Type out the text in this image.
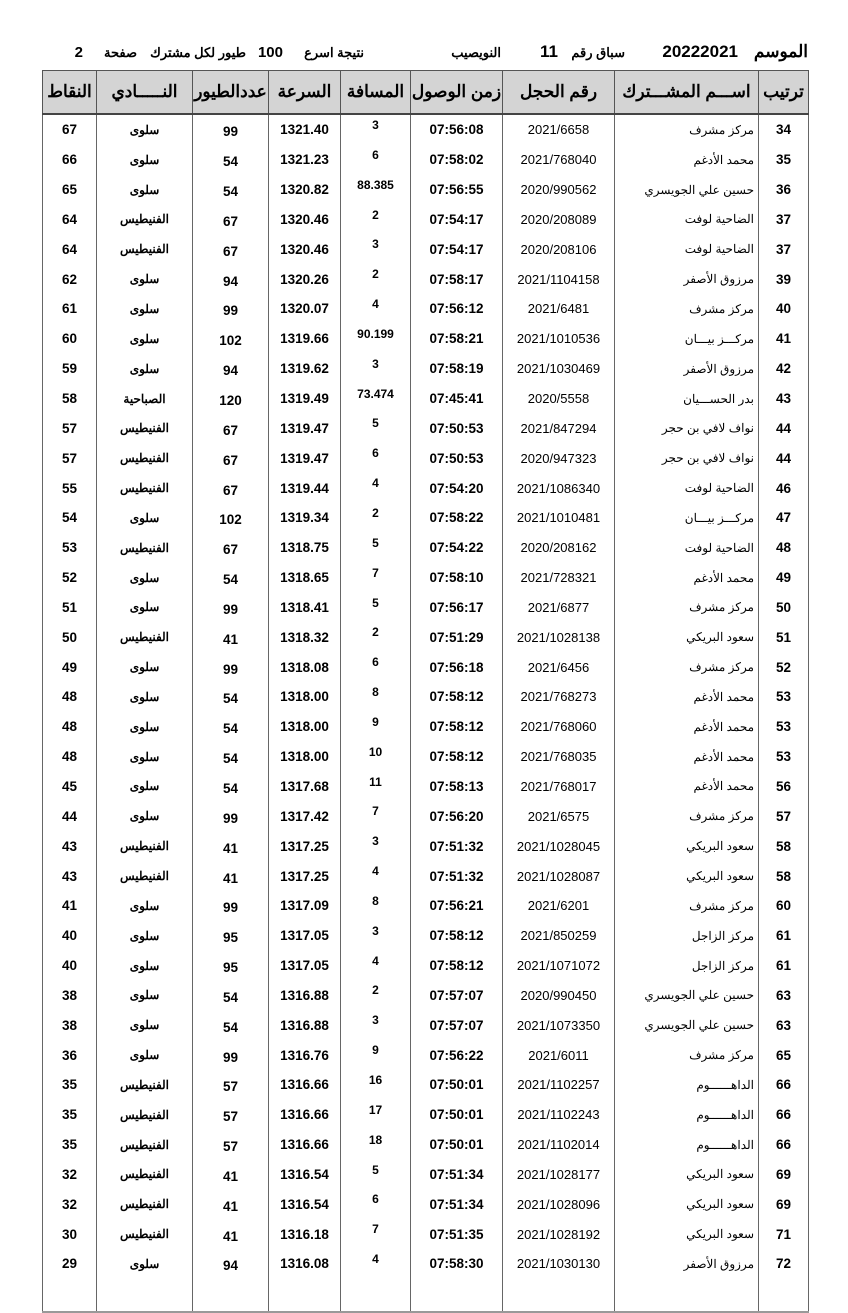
الموسم
20222021
سباق رقم
11
النويصيب
نتيجة اسرع
100
طيور لكل مشترك
صفحة
2
ترتيب	اســـم المشـــترك	رقم الحجل	زمن الوصول	المسافة	السرعة	عددالطيور	النـــــادي	النقاط
34	مركز مشرف	2021/6658	07:56:08	3	1321.40	99	سلوى	67
35	محمد الأدغم	2021/768040	07:58:02	6	1321.23	54	سلوى	66
36	حسين علي الجويسري	2020/990562	07:56:55	88.385	1320.82	54	سلوى	65
37	الضاحية لوفت	2020/208089	07:54:17	2	1320.46	67	الفنيطيس	64
37	الضاحية لوفت	2020/208106	07:54:17	3	1320.46	67	الفنيطيس	64
39	مرزوق الأصفر	2021/1104158	07:58:17	2	1320.26	94	سلوى	62
40	مركز مشرف	2021/6481	07:56:12	4	1320.07	99	سلوى	61
41	مركـــز بيـــان	2021/1010536	07:58:21	90.199	1319.66	102	سلوى	60
42	مرزوق الأصفر	2021/1030469	07:58:19	3	1319.62	94	سلوى	59
43	بدر الحســـيان	2020/5558	07:45:41	73.474	1319.49	120	الصباحية	58
44	نواف لافي بن حجر	2021/847294	07:50:53	5	1319.47	67	الفنيطيس	57
44	نواف لافي بن حجر	2020/947323	07:50:53	6	1319.47	67	الفنيطيس	57
46	الضاحية لوفت	2021/1086340	07:54:20	4	1319.44	67	الفنيطيس	55
47	مركـــز بيـــان	2021/1010481	07:58:22	2	1319.34	102	سلوى	54
48	الضاحية لوفت	2020/208162	07:54:22	5	1318.75	67	الفنيطيس	53
49	محمد الأدغم	2021/728321	07:58:10	7	1318.65	54	سلوى	52
50	مركز مشرف	2021/6877	07:56:17	5	1318.41	99	سلوى	51
51	سعود البريكي	2021/1028138	07:51:29	2	1318.32	41	الفنيطيس	50
52	مركز مشرف	2021/6456	07:56:18	6	1318.08	99	سلوى	49
53	محمد الأدغم	2021/768273	07:58:12	8	1318.00	54	سلوى	48
53	محمد الأدغم	2021/768060	07:58:12	9	1318.00	54	سلوى	48
53	محمد الأدغم	2021/768035	07:58:12	10	1318.00	54	سلوى	48
56	محمد الأدغم	2021/768017	07:58:13	11	1317.68	54	سلوى	45
57	مركز مشرف	2021/6575	07:56:20	7	1317.42	99	سلوى	44
58	سعود البريكي	2021/1028045	07:51:32	3	1317.25	41	الفنيطيس	43
58	سعود البريكي	2021/1028087	07:51:32	4	1317.25	41	الفنيطيس	43
60	مركز مشرف	2021/6201	07:56:21	8	1317.09	99	سلوى	41
61	مركز الزاجل	2021/850259	07:58:12	3	1317.05	95	سلوى	40
61	مركز الزاجل	2021/1071072	07:58:12	4	1317.05	95	سلوى	40
63	حسين علي الجويسري	2020/990450	07:57:07	2	1316.88	54	سلوى	38
63	حسين علي الجويسري	2021/1073350	07:57:07	3	1316.88	54	سلوى	38
65	مركز مشرف	2021/6011	07:56:22	9	1316.76	99	سلوى	36
66	الداهــــــوم	2021/1102257	07:50:01	16	1316.66	57	الفنيطيس	35
66	الداهــــــوم	2021/1102243	07:50:01	17	1316.66	57	الفنيطيس	35
66	الداهــــــوم	2021/1102014	07:50:01	18	1316.66	57	الفنيطيس	35
69	سعود البريكي	2021/1028177	07:51:34	5	1316.54	41	الفنيطيس	32
69	سعود البريكي	2021/1028096	07:51:34	6	1316.54	41	الفنيطيس	32
71	سعود البريكي	2021/1028192	07:51:35	7	1316.18	41	الفنيطيس	30
72	مرزوق الأصفر	2021/1030130	07:58:30	4	1316.08	94	سلوى	29
